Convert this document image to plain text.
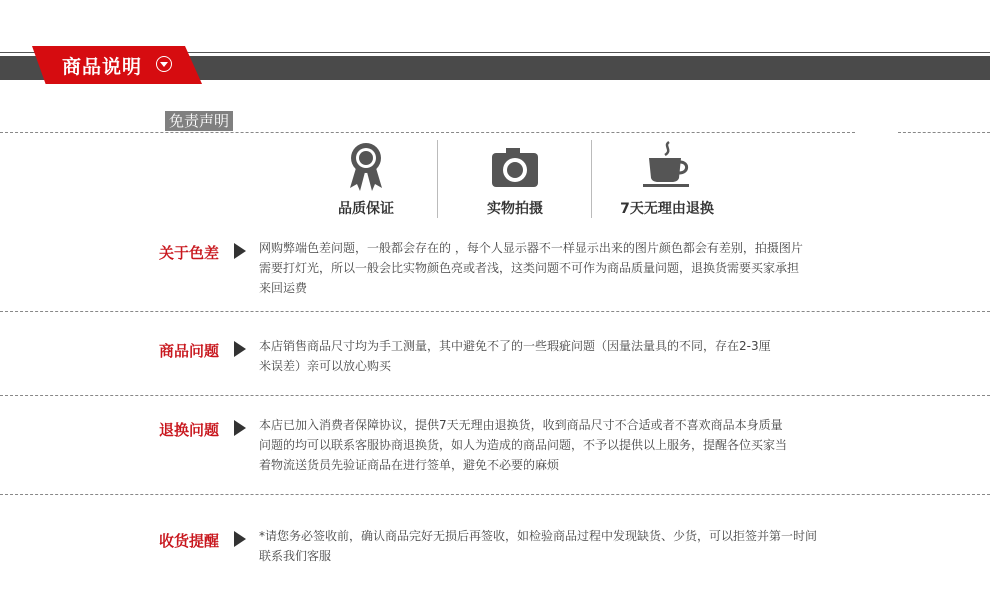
商品说明
免责声明
品质保证	实物拍摄	7天无理由退换
关于色差	网购弊端色差问题，一般都会存在的 ，每个人显示器不一样显示出来的图片颜色都会有差别，拍摄图片
需要打灯光，所以一般会比实物颜色亮或者浅，这类问题不可作为商品质量问题，退换货需要买家承担
来回运费
商品问题	本店销售商品尺寸均为手工测量，其中避免不了的一些瑕疵问题（因量法量具的不同，存在2-3厘
米误差）亲可以放心购买
退换问题	本店已加入消费者保障协议，提供7天无理由退换货，收到商品尺寸不合适或者不喜欢商品本身质量
问题的均可以联系客服协商退换货，如人为造成的商品问题，不予以提供以上服务，提醒各位买家当
着物流送货员先验证商品在进行签单，避免不必要的麻烦
收货提醒	*请您务必签收前，确认商品完好无损后再签收，如检验商品过程中发现缺货、少货，可以拒签并第一时间
联系我们客服
